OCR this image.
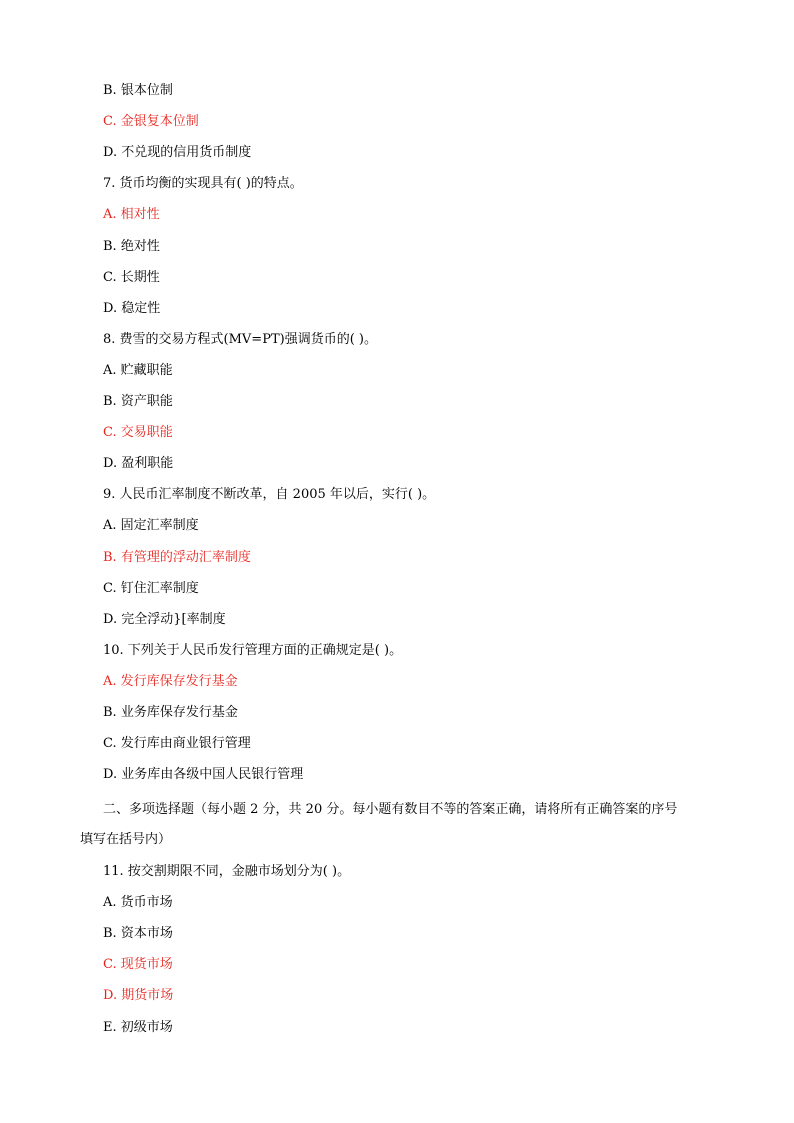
B. 银本位制
C. 金银复本位制
D. 不兑现的信用货币制度
7. 货币均衡的实现具有( )的特点。
A. 相对性
B. 绝对性
C. 长期性
D. 稳定性
8. 费雪的交易方程式(MV=PT)强调货币的( )。
A. 贮藏职能
B. 资产职能
C. 交易职能
D. 盈利职能
9. 人民币汇率制度不断改革，自 2005 年以后，实行( )。
A. 固定汇率制度
B. 有管理的浮动汇率制度
C. 钉住汇率制度
D. 完全浮动}[率制度
10. 下列关于人民币发行管理方面的正确规定是( )。
A. 发行库保存发行基金
B. 业务库保存发行基金
C. 发行库由商业银行管理
D. 业务库由各级中国人民银行管理
二、多项选择题（每小题 2 分，共 20 分。每小题有数目不等的答案正确，请将所有正确答案的序号
填写在括号内）
11. 按交割期限不同，金融市场划分为( )。
A. 货币市场
B. 资本市场
C. 现货市场
D. 期货市场
E. 初级市场
